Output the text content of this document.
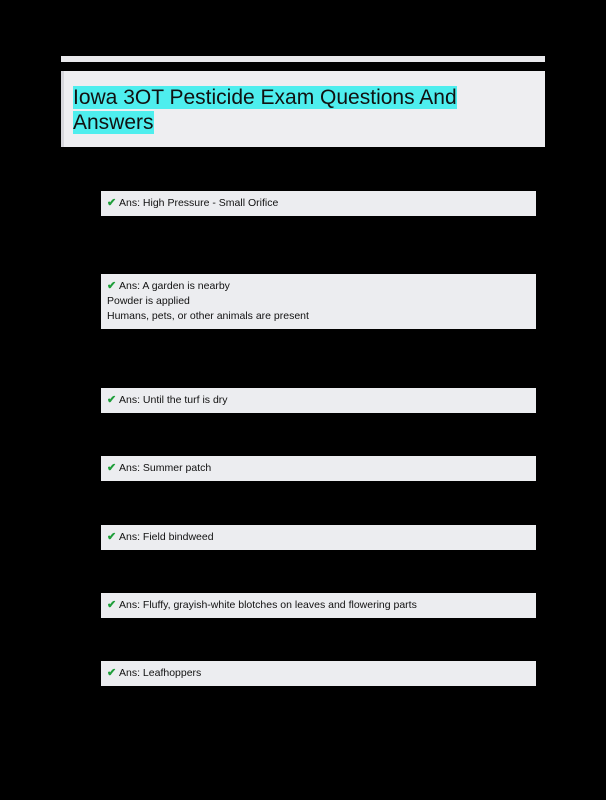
Iowa 3OT Pesticide Exam Questions And Answers
✔ Ans: High Pressure - Small Orifice
✔ Ans: A garden is nearby
Powder is applied
Humans, pets, or other animals are present
✔ Ans: Until the turf is dry
✔ Ans: Summer patch
✔ Ans: Field bindweed
✔ Ans: Fluffy, grayish-white blotches on leaves and flowering parts
✔ Ans: Leafhoppers
